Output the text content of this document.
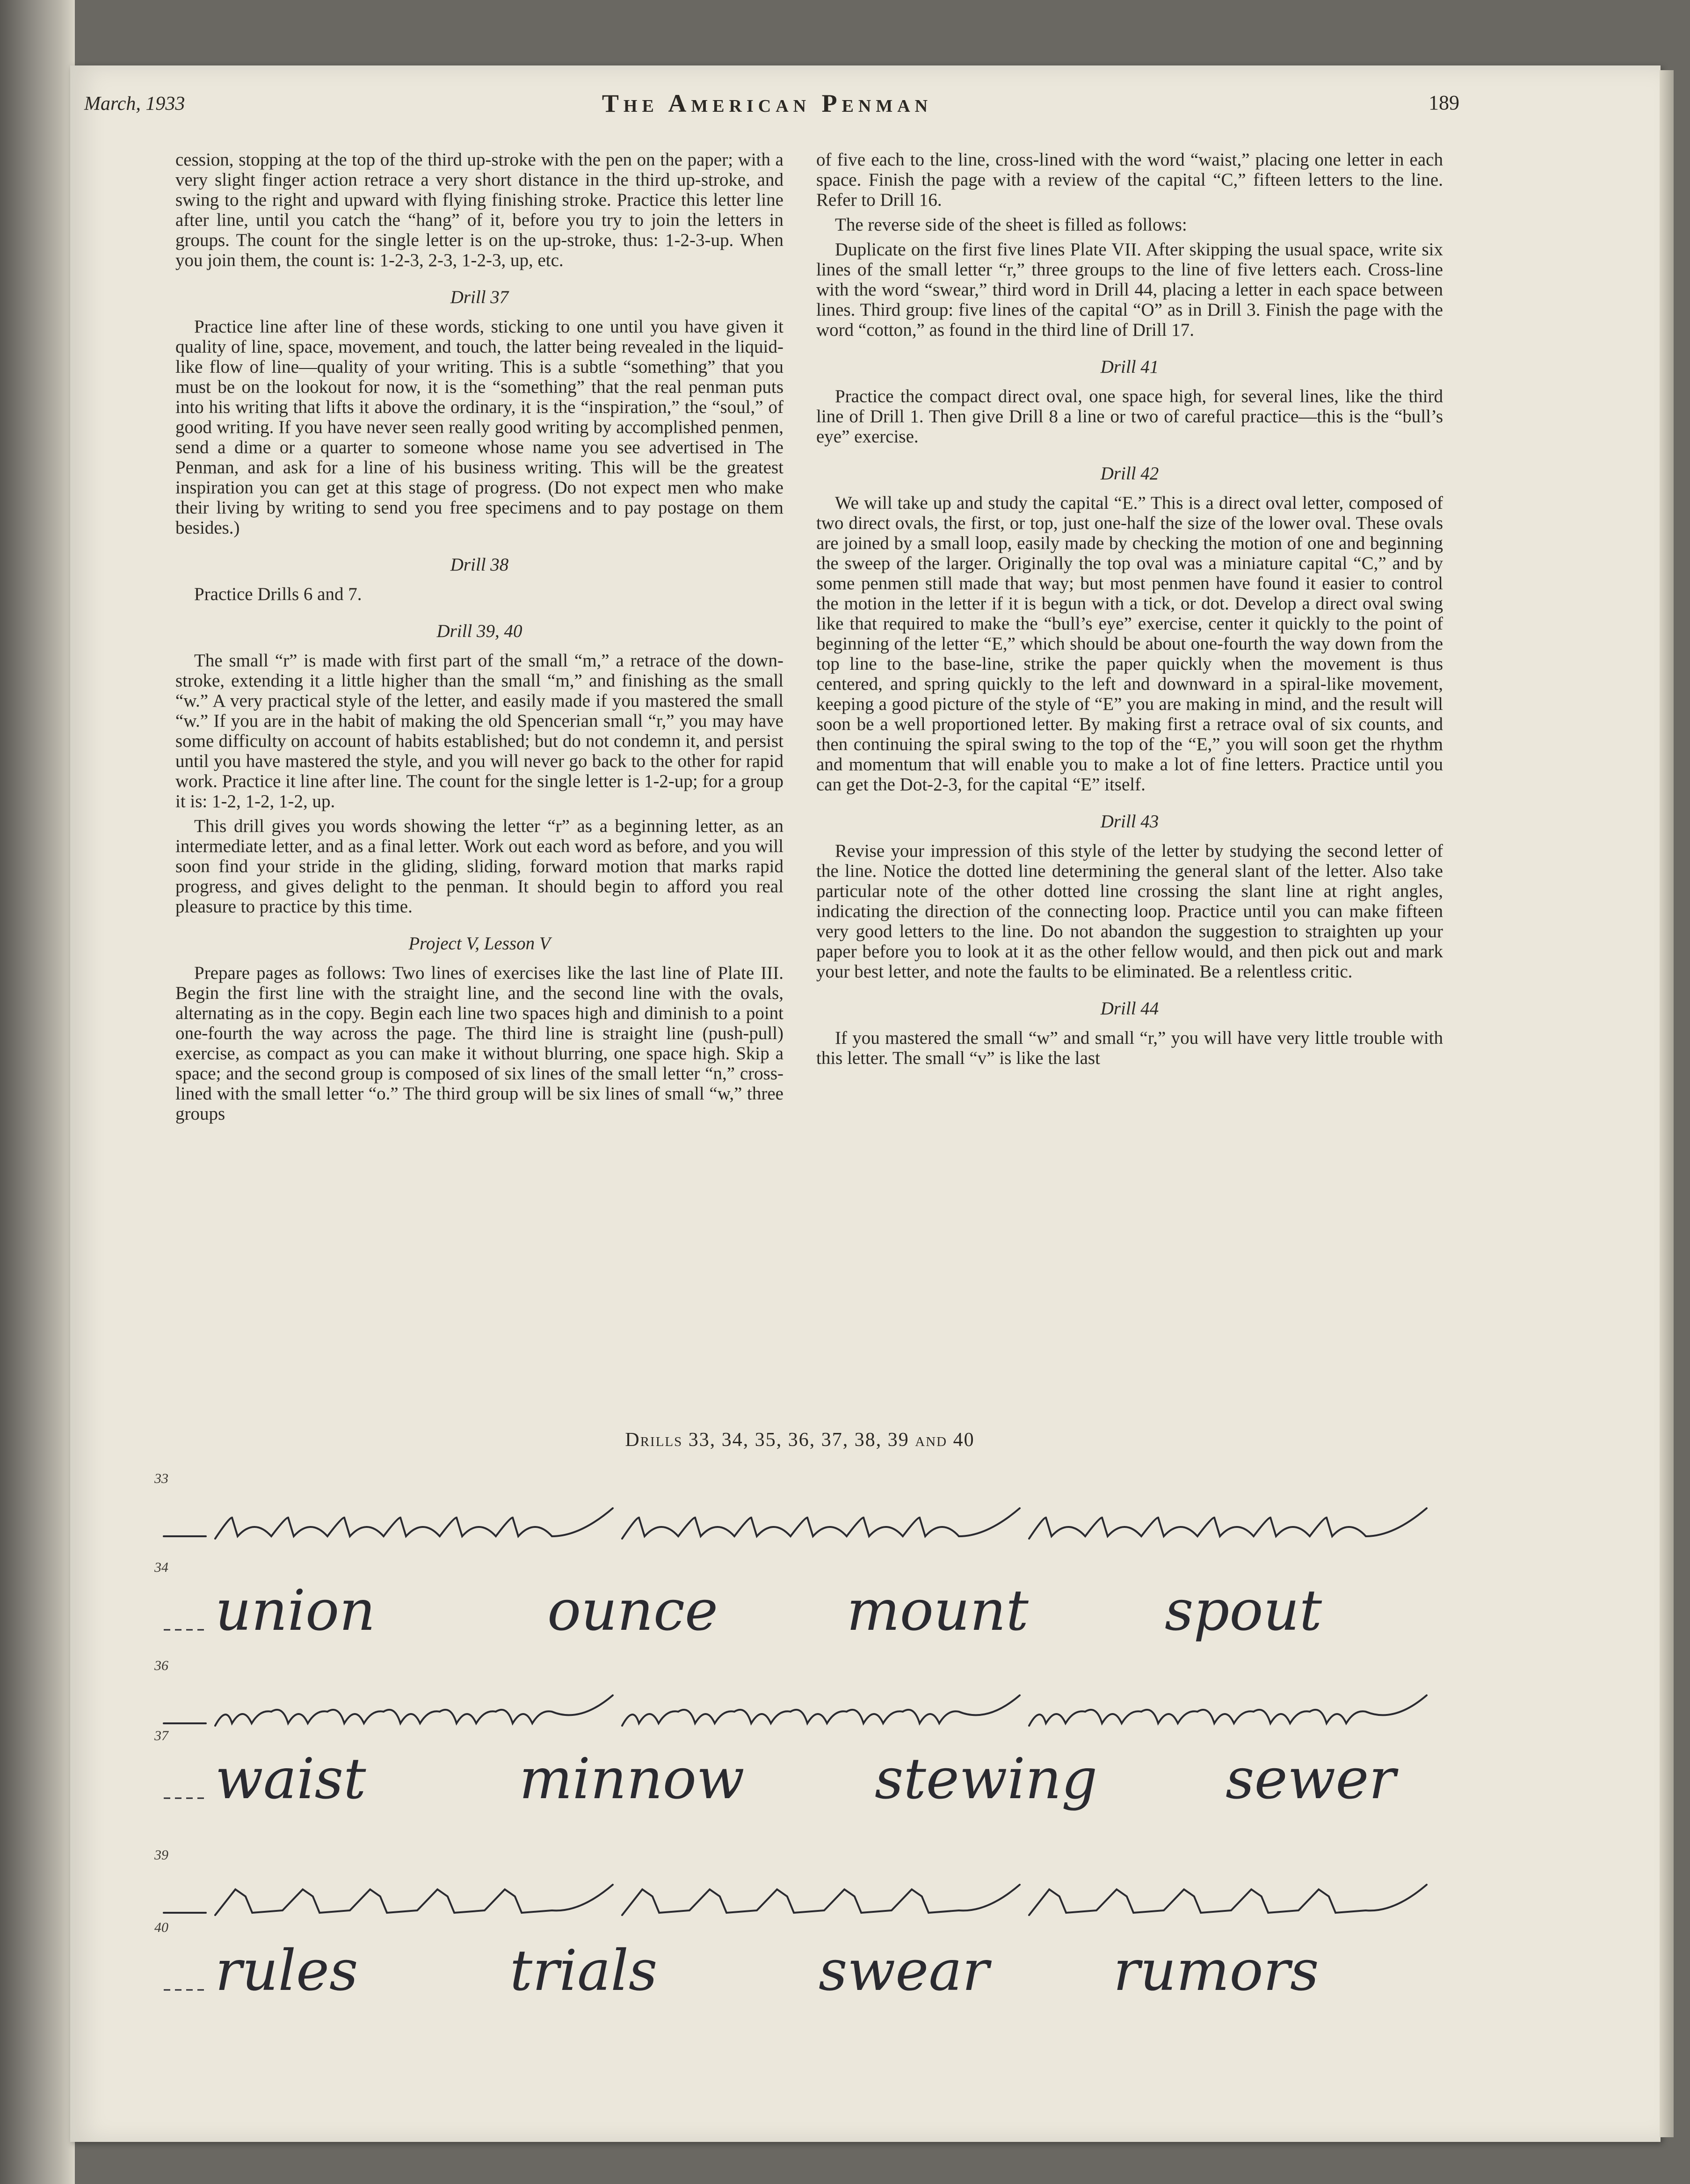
March, 1933	The American Penman	189

cession, stopping at the top of the third up-stroke with the pen on the paper; with a very slight finger action retrace a very short distance in the third up-stroke, and swing to the right and upward with flying finishing stroke. Practice this letter line after line, until you catch the “hang” of it, before you try to join the letters in groups. The count for the single letter is on the up-stroke, thus: 1-2-3-up. When you join them, the count is: 1-2-3, 2-3, 1-2-3, up, etc.

Drill 37

Practice line after line of these words, sticking to one until you have given it quality of line, space, movement, and touch, the latter being revealed in the liquid-like flow of line—quality of your writing. This is a subtle “something” that you must be on the lookout for now, it is the “something” that the real penman puts into his writing that lifts it above the ordinary, it is the “inspiration,” the “soul,” of good writing. If you have never seen really good writing by accomplished penmen, send a dime or a quarter to someone whose name you see advertised in The Penman, and ask for a line of his business writing. This will be the greatest inspiration you can get at this stage of progress. (Do not expect men who make their living by writing to send you free specimens and to pay postage on them besides.)

Drill 38

Practice Drills 6 and 7.

Drill 39, 40

The small “r” is made with first part of the small “m,” a retrace of the down-stroke, extending it a little higher than the small “m,” and finishing as the small “w.” A very practical style of the letter, and easily made if you mastered the small “w.” If you are in the habit of making the old Spencerian small “r,” you may have some difficulty on account of habits established; but do not condemn it, and persist until you have mastered the style, and you will never go back to the other for rapid work. Practice it line after line. The count for the single letter is 1-2-up; for a group it is: 1-2, 1-2, 1-2, up.

This drill gives you words showing the letter “r” as a beginning letter, as an intermediate letter, and as a final letter. Work out each word as before, and you will soon find your stride in the gliding, sliding, forward motion that marks rapid progress, and gives delight to the penman. It should begin to afford you real pleasure to practice by this time.

Project V, Lesson V

Prepare pages as follows: Two lines of exercises like the last line of Plate III. Begin the first line with the straight line, and the second line with the ovals, alternating as in the copy. Begin each line two spaces high and diminish to a point one-fourth the way across the page. The third line is straight line (push-pull) exercise, as compact as you can make it without blurring, one space high. Skip a space; and the second group is composed of six lines of the small letter “n,” cross-lined with the small letter “o.” The third group will be six lines of small “w,” three groups

of five each to the line, cross-lined with the word “waist,” placing one letter in each space. Finish the page with a review of the capital “C,” fifteen letters to the line. Refer to Drill 16.

The reverse side of the sheet is filled as follows:

Duplicate on the first five lines Plate VII. After skipping the usual space, write six lines of the small letter “r,” three groups to the line of five letters each. Cross-line with the word “swear,” third word in Drill 44, placing a letter in each space between lines. Third group: five lines of the capital “O” as in Drill 3. Finish the page with the word “cotton,” as found in the third line of Drill 17.

Drill 41

Practice the compact direct oval, one space high, for several lines, like the third line of Drill 1. Then give Drill 8 a line or two of careful practice—this is the “bull’s eye” exercise.

Drill 42

We will take up and study the capital “E.” This is a direct oval letter, composed of two direct ovals, the first, or top, just one-half the size of the lower oval. These ovals are joined by a small loop, easily made by checking the motion of one and beginning the sweep of the larger. Originally the top oval was a miniature capital “C,” and by some penmen still made that way; but most penmen have found it easier to control the motion in the letter if it is begun with a tick, or dot. Develop a direct oval swing like that required to make the “bull’s eye” exercise, center it quickly to the point of beginning of the letter “E,” which should be about one-fourth the way down from the top line to the base-line, strike the paper quickly when the movement is thus centered, and spring quickly to the left and downward in a spiral-like movement, keeping a good picture of the style of “E” you are making in mind, and the result will soon be a well proportioned letter. By making first a retrace oval of six counts, and then continuing the spiral swing to the top of the “E,” you will soon get the rhythm and momentum that will enable you to make a lot of fine letters. Practice until you can get the Dot-2-3, for the capital “E” itself.

Drill 43

Revise your impression of this style of the letter by studying the second letter of the line. Notice the dotted line determining the general slant of the letter. Also take particular note of the other dotted line crossing the slant line at right angles, indicating the direction of the connecting loop. Practice until you can make fifteen very good letters to the line. Do not abandon the suggestion to straighten up your paper before you to look at it as the other fellow would, and then pick out and mark your best letter, and note the faults to be eliminated. Be a relentless critic.

Drill 44

If you mastered the small “w” and small “r,” you will have very little trouble with this letter. The small “v” is like the last

Drills 33, 34, 35, 36, 37, 38, 39 and 40
33
34
union	ounce mount spout
36
37
waist	minnow stewing sewer
39
40
rules	trials	swear rumors
